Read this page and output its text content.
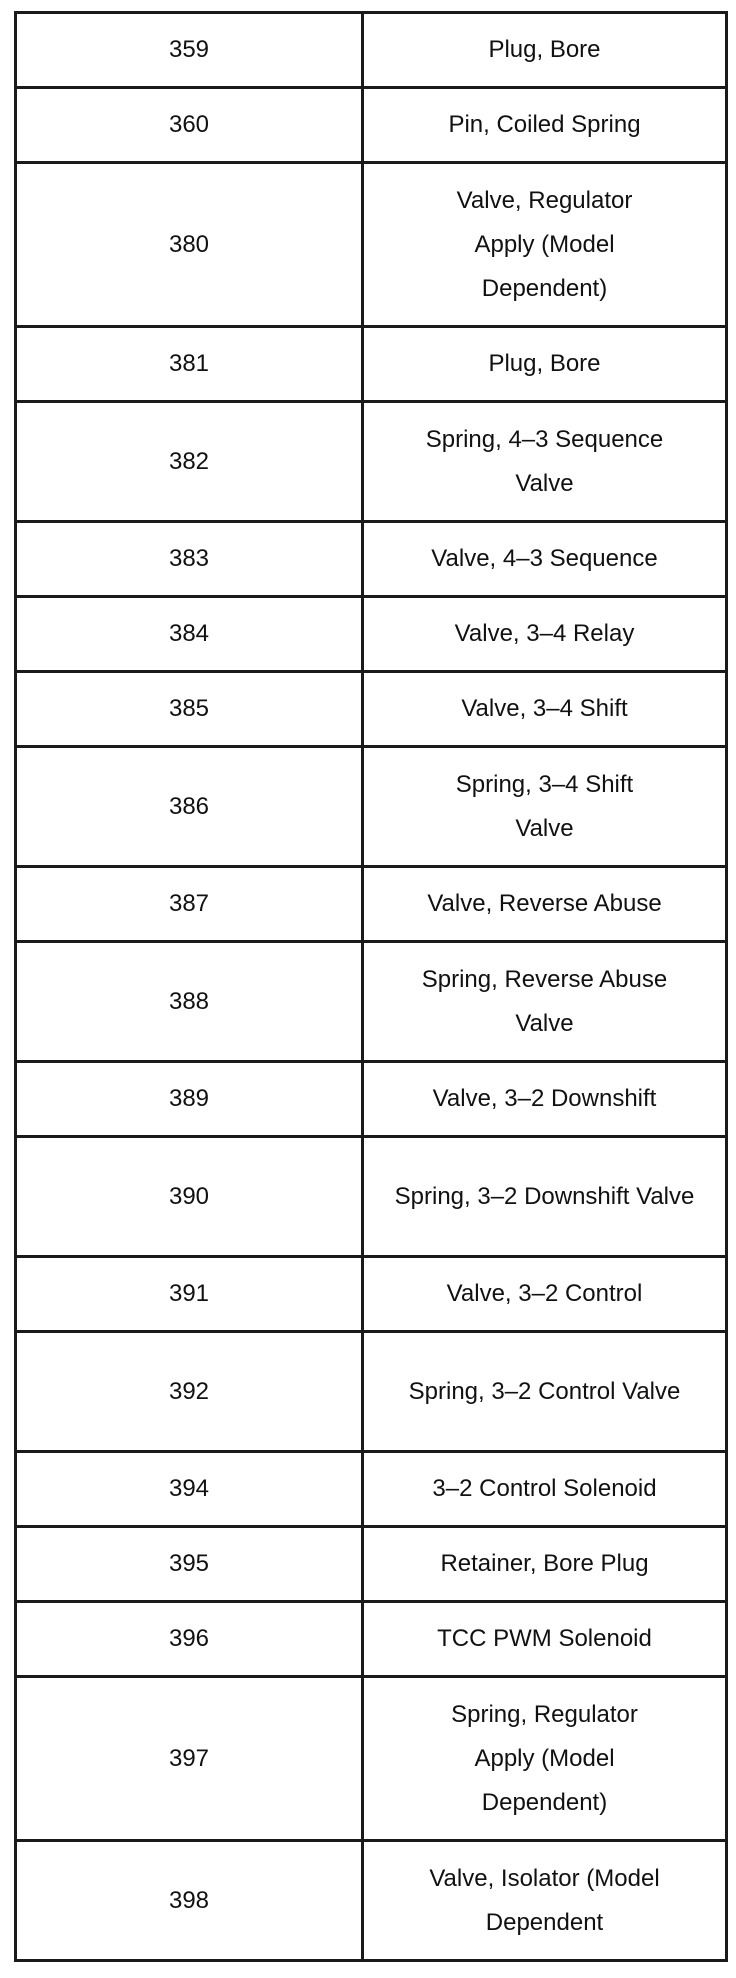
359	Plug, Bore
360	Pin, Coiled Spring
380	Valve, Regulator Apply (Model Dependent)
381	Plug, Bore
382	Spring, 4–3 Sequence Valve
383	Valve, 4–3 Sequence
384	Valve, 3–4 Relay
385	Valve, 3–4 Shift
386	Spring, 3–4 Shift Valve
387	Valve, Reverse Abuse
388	Spring, Reverse Abuse Valve
389	Valve, 3–2 Downshift
390	Spring, 3–2 Downshift Valve
391	Valve, 3–2 Control
392	Spring, 3–2 Control Valve
394	3–2 Control Solenoid
395	Retainer, Bore Plug
396	TCC PWM Solenoid
397	Spring, Regulator Apply (Model Dependent)
398	Valve, Isolator (Model Dependent
